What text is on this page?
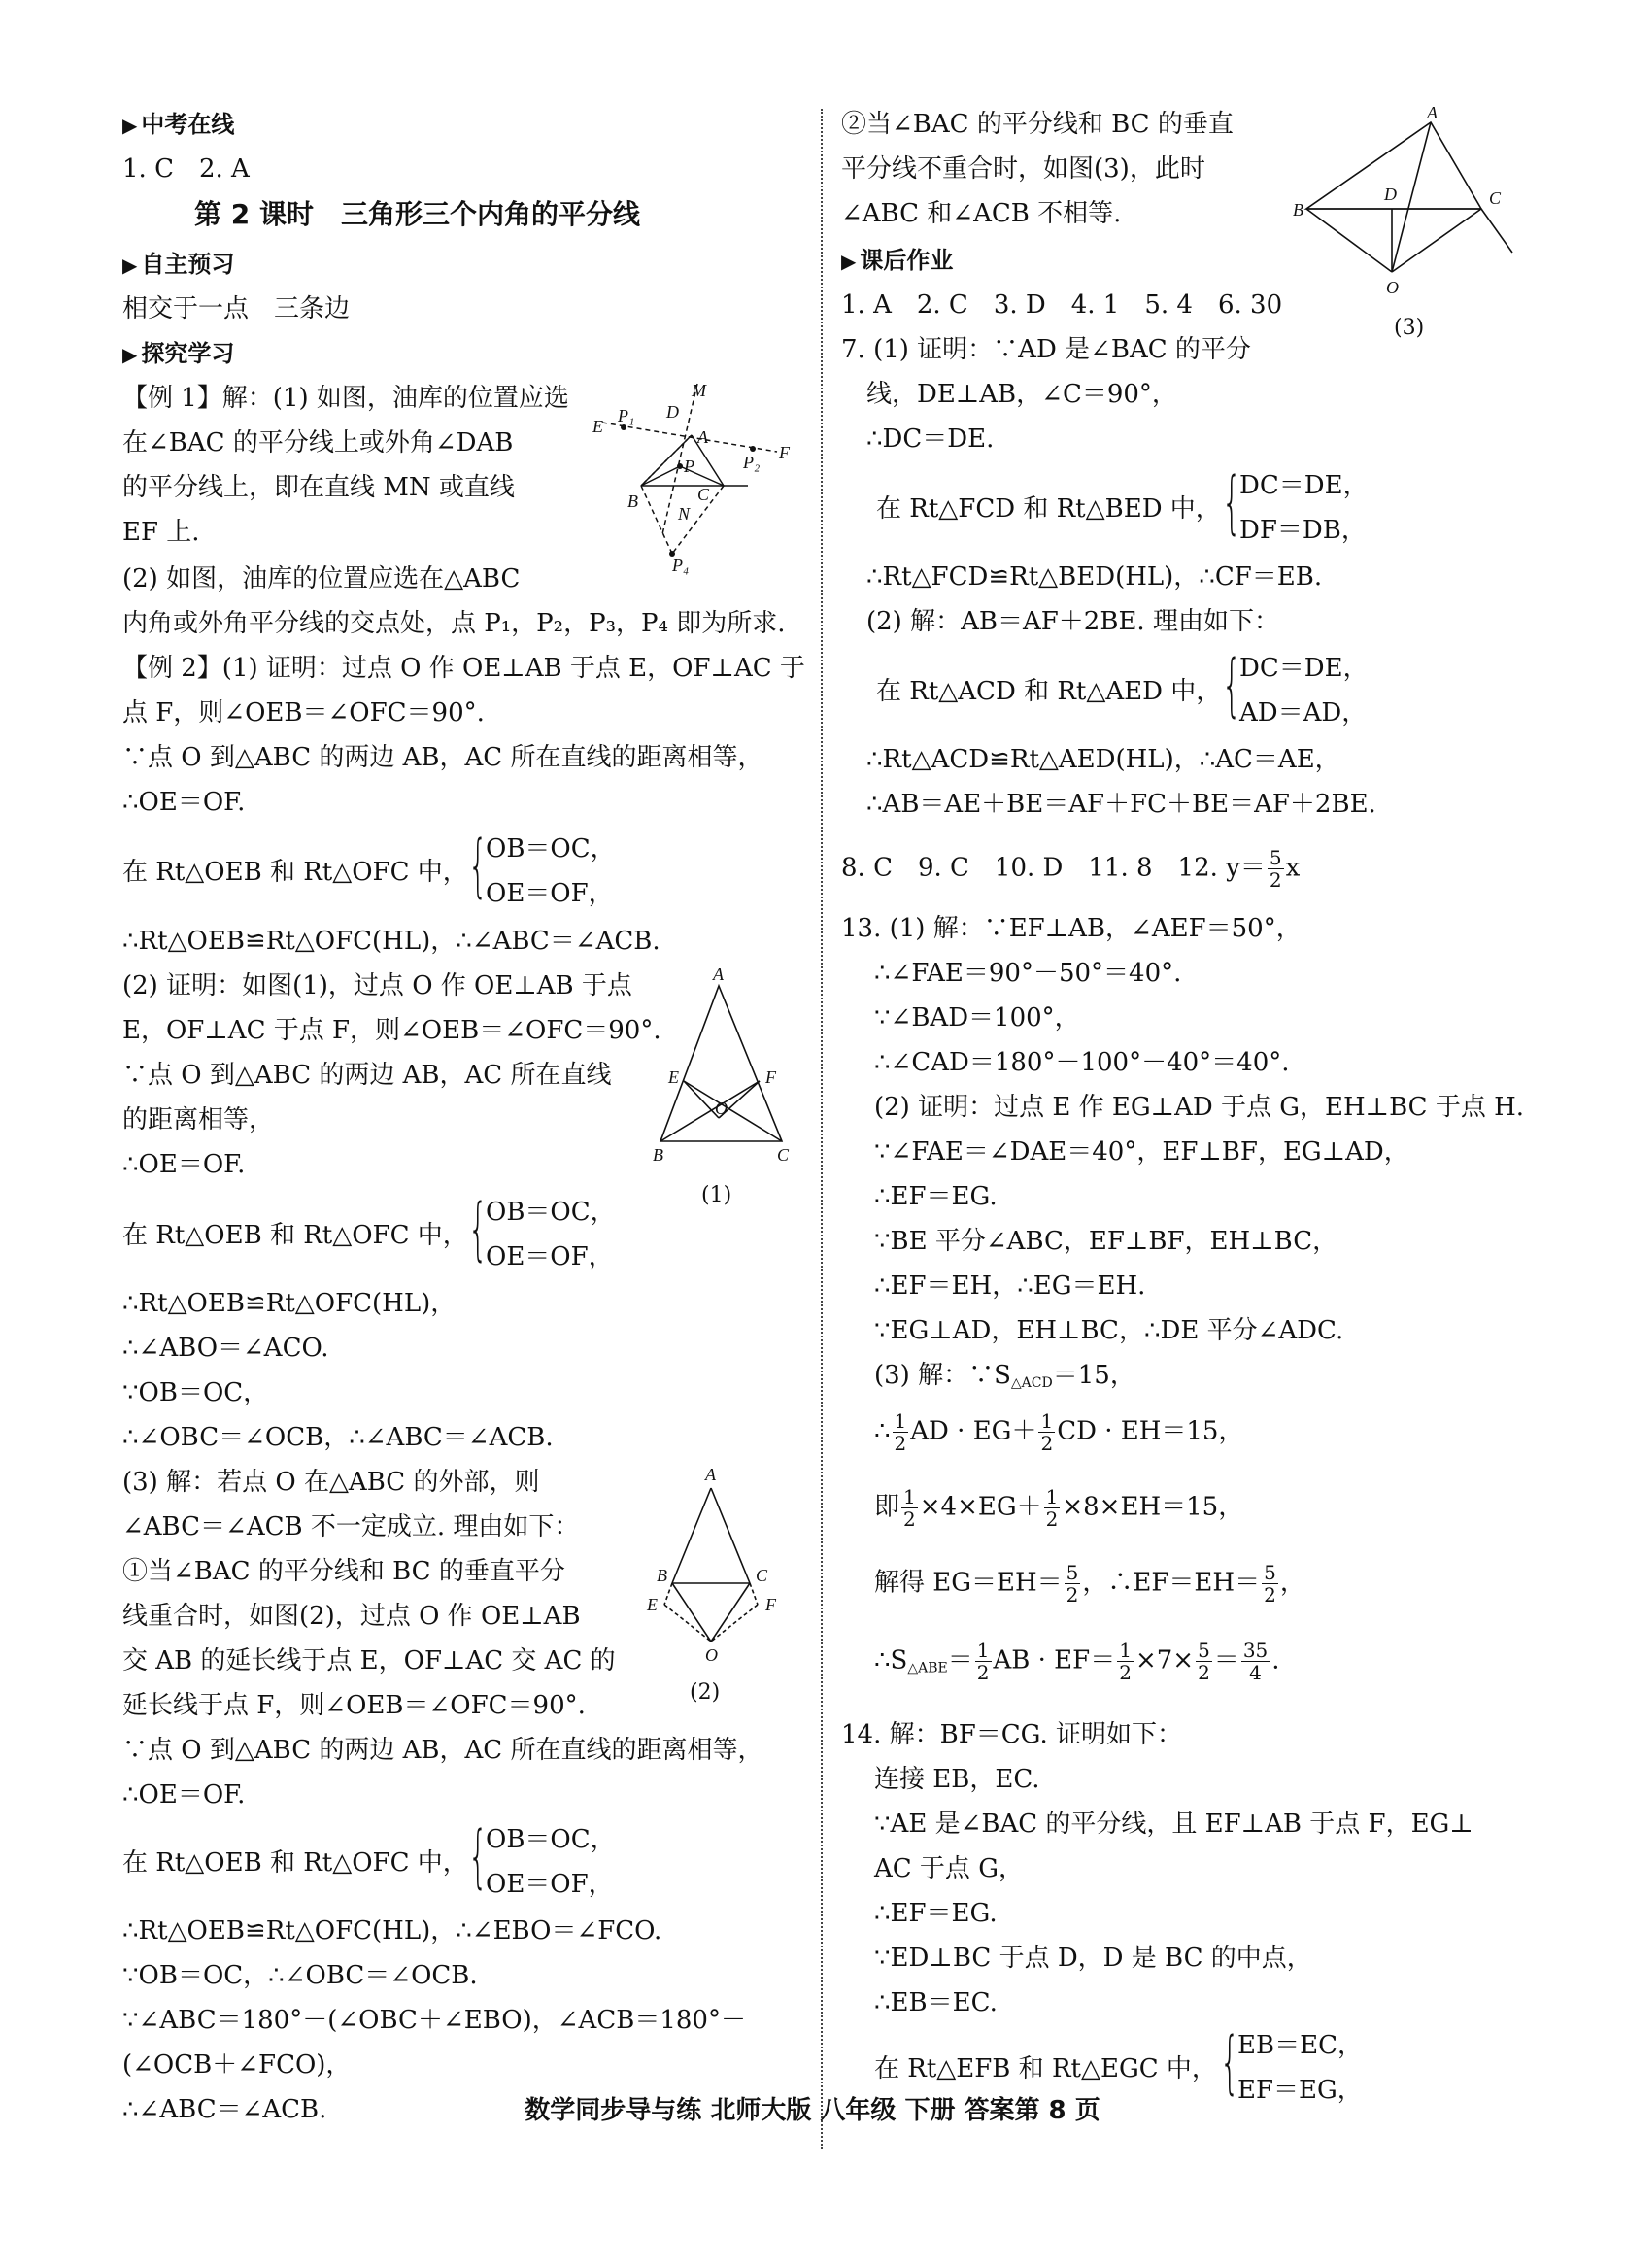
▶ 中考在线
1. C　2. A
第 2 课时　三角形三个内角的平分线
▶ 自主预习
相交于一点　三条边
▶ 探究学习
【例 1】解：(1) 如图，油库的位置应选
在∠BAC 的平分线上或外角∠DAB
的平分线上，即在直线 MN 或直线
EF 上.
(2) 如图，油库的位置应选在△ABC
内角或外角平分线的交点处，点 P₁，P₂，P₃，P₄ 即为所求.
【例 2】(1) 证明：过点 O 作 OE⊥AB 于点 E，OF⊥AC 于
点 F，则∠OEB＝∠OFC＝90°.
∵点 O 到△ABC 的两边 AB，AC 所在直线的距离相等，
∴OE＝OF.
在 Rt△OEB 和 Rt△OFC 中， {
OB＝OC，
OE＝OF，
∴Rt△OEB≌Rt△OFC(HL)，∴∠ABC＝∠ACB.
(2) 证明：如图(1)，过点 O 作 OE⊥AB 于点
E，OF⊥AC 于点 F，则∠OEB＝∠OFC＝90°.
∵点 O 到△ABC 的两边 AB，AC 所在直线
的距离相等，
∴OE＝OF.
在 Rt△OEB 和 Rt△OFC 中， {
OB＝OC，
OE＝OF，
∴Rt△OEB≌Rt△OFC(HL)，
∴∠ABO＝∠ACO.
∵OB＝OC，
∴∠OBC＝∠OCB，∴∠ABC＝∠ACB.
(3) 解：若点 O 在△ABC 的外部，则
∠ABC＝∠ACB 不一定成立. 理由如下：
①当∠BAC 的平分线和 BC 的垂直平分
线重合时，如图(2)，过点 O 作 OE⊥AB
交 AB 的延长线于点 E，OF⊥AC 交 AC 的
延长线于点 F，则∠OEB＝∠OFC＝90°.
∵点 O 到△ABC 的两边 AB，AC 所在直线的距离相等，
∴OE＝OF.
在 Rt△OEB 和 Rt△OFC 中， {
OB＝OC，
OE＝OF，
∴Rt△OEB≌Rt△OFC(HL)，∴∠EBO＝∠FCO.
∵OB＝OC，∴∠OBC＝∠OCB.
∵∠ABC＝180°－(∠OBC＋∠EBO)，∠ACB＝180°－
(∠OCB＋∠FCO)，
∴∠ABC＝∠ACB.
M
D
E
P₁
A
P₂ F
P
B	C
N
P₄
A
E	F
O
B	C
(1)
A
B	C
E	F
O
(2)
②当∠BAC 的平分线和 BC 的垂直
平分线不重合时，如图(3)，此时
∠ABC 和∠ACB 不相等.
▶ 课后作业
1. A　2. C　3. D　4. 1　5. 4　6. 30
7. (1) 证明：∵AD 是∠BAC 的平分
线，DE⊥AB，∠C＝90°，
∴DC＝DE.
在 Rt△FCD 和 Rt△BED 中， {
DC＝DE，
DF＝DB，
∴Rt△FCD≌Rt△BED(HL)，∴CF＝EB.
(2) 解：AB＝AF＋2BE. 理由如下：
在 Rt△ACD 和 Rt△AED 中， {
DC＝DE，
AD＝AD，
∴Rt△ACD≌Rt△AED(HL)，∴AC＝AE，
∴AB＝AE＋BE＝AF＋FC＋BE＝AF＋2BE.
8. C　9. C　10. D　11. 8　12. $y= \frac{5}{2}$ x
13. (1) 解：∵EF⊥AB，∠AEF＝50°，
∴∠FAE＝90°－50°＝40°.
∵∠BAD＝100°，
∴∠CAD＝180°－100°－40°＝40°.
(2) 证明：过点 E 作 EG⊥AD 于点 G，EH⊥BC 于点 H.
∵∠FAE＝∠DAE＝40°，EF⊥BF，EG⊥AD，
∴EF＝EG.
∵BE 平分∠ABC，EF⊥BF，EH⊥BC，
∴EF＝EH，∴EG＝EH.
∵EG⊥AD，EH⊥BC，∴DE 平分∠ADC.
(3) 解：$\because S_{\triangle ACD}=15$，
∴ $\frac{1}{2}$ AD · $EG+ \frac{1}{2}$ CD · EH＝15，
即 $\frac{1}{2} \times 4\times EG+ \frac{1}{2} \times 8\times EH=15$，
解得 $EG=EH= \frac{5}{2}$ ，∴EF＝EH＝ $\frac{5}{2}$ ，
$\therefore S_{\triangle ABE}= \frac{1}{2}$ AB · $EF= \frac{1}{2} \times 7\times \frac{5}{2} = \frac{35}{4}$ .
14. 解：BF＝CG. 证明如下：
连接 EB，EC.
∵AE 是∠BAC 的平分线，且 EF⊥AB 于点 F，EG⊥
AC 于点 G，
∴EF＝EG.
∵ED⊥BC 于点 D，D 是 BC 的中点，
∴EB＝EC.
在 Rt△EFB 和 Rt△EGC 中， {
EB＝EC，
EF＝EG，
A
B
D	C
O
(3)
数学同步导与练 北师大版 八年级 下册 答案第 8 页
